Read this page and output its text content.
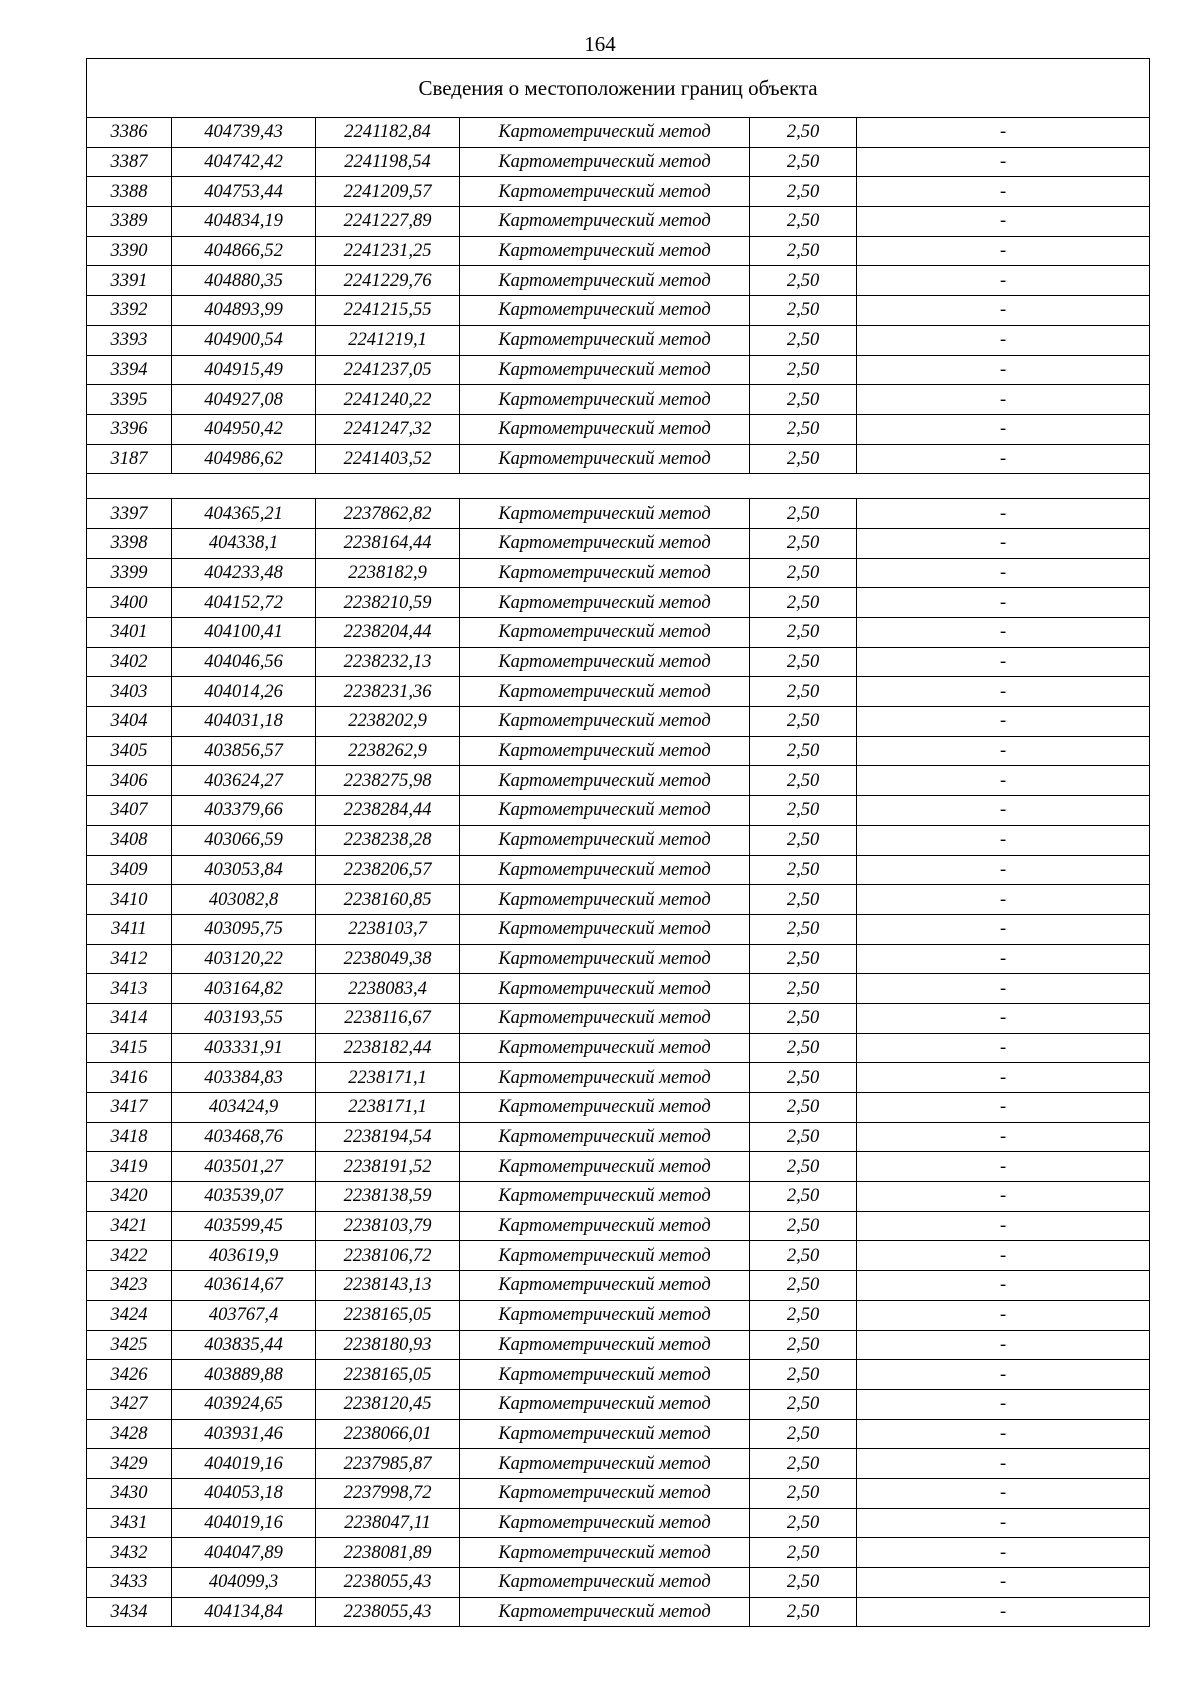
164
Сведения о местоположении границ объекта					
3386	404739,43	2241182,84	Картометрический метод	2,50	-
3387	404742,42	2241198,54	Картометрический метод	2,50	-
3388	404753,44	2241209,57	Картометрический метод	2,50	-
3389	404834,19	2241227,89	Картометрический метод	2,50	-
3390	404866,52	2241231,25	Картометрический метод	2,50	-
3391	404880,35	2241229,76	Картометрический метод	2,50	-
3392	404893,99	2241215,55	Картометрический метод	2,50	-
3393	404900,54	2241219,1	Картометрический метод	2,50	-
3394	404915,49	2241237,05	Картометрический метод	2,50	-
3395	404927,08	2241240,22	Картометрический метод	2,50	-
3396	404950,42	2241247,32	Картометрический метод	2,50	-
3187	404986,62	2241403,52	Картометрический метод	2,50	-

3397	404365,21	2237862,82	Картометрический метод	2,50	-
3398	404338,1	2238164,44	Картометрический метод	2,50	-
3399	404233,48	2238182,9	Картометрический метод	2,50	-
3400	404152,72	2238210,59	Картометрический метод	2,50	-
3401	404100,41	2238204,44	Картометрический метод	2,50	-
3402	404046,56	2238232,13	Картометрический метод	2,50	-
3403	404014,26	2238231,36	Картометрический метод	2,50	-
3404	404031,18	2238202,9	Картометрический метод	2,50	-
3405	403856,57	2238262,9	Картометрический метод	2,50	-
3406	403624,27	2238275,98	Картометрический метод	2,50	-
3407	403379,66	2238284,44	Картометрический метод	2,50	-
3408	403066,59	2238238,28	Картометрический метод	2,50	-
3409	403053,84	2238206,57	Картометрический метод	2,50	-
3410	403082,8	2238160,85	Картометрический метод	2,50	-
3411	403095,75	2238103,7	Картометрический метод	2,50	-
3412	403120,22	2238049,38	Картометрический метод	2,50	-
3413	403164,82	2238083,4	Картометрический метод	2,50	-
3414	403193,55	2238116,67	Картометрический метод	2,50	-
3415	403331,91	2238182,44	Картометрический метод	2,50	-
3416	403384,83	2238171,1	Картометрический метод	2,50	-
3417	403424,9	2238171,1	Картометрический метод	2,50	-
3418	403468,76	2238194,54	Картометрический метод	2,50	-
3419	403501,27	2238191,52	Картометрический метод	2,50	-
3420	403539,07	2238138,59	Картометрический метод	2,50	-
3421	403599,45	2238103,79	Картометрический метод	2,50	-
3422	403619,9	2238106,72	Картометрический метод	2,50	-
3423	403614,67	2238143,13	Картометрический метод	2,50	-
3424	403767,4	2238165,05	Картометрический метод	2,50	-
3425	403835,44	2238180,93	Картометрический метод	2,50	-
3426	403889,88	2238165,05	Картометрический метод	2,50	-
3427	403924,65	2238120,45	Картометрический метод	2,50	-
3428	403931,46	2238066,01	Картометрический метод	2,50	-
3429	404019,16	2237985,87	Картометрический метод	2,50	-
3430	404053,18	2237998,72	Картометрический метод	2,50	-
3431	404019,16	2238047,11	Картометрический метод	2,50	-
3432	404047,89	2238081,89	Картометрический метод	2,50	-
3433	404099,3	2238055,43	Картометрический метод	2,50	-
3434	404134,84	2238055,43	Картометрический метод	2,50	-
